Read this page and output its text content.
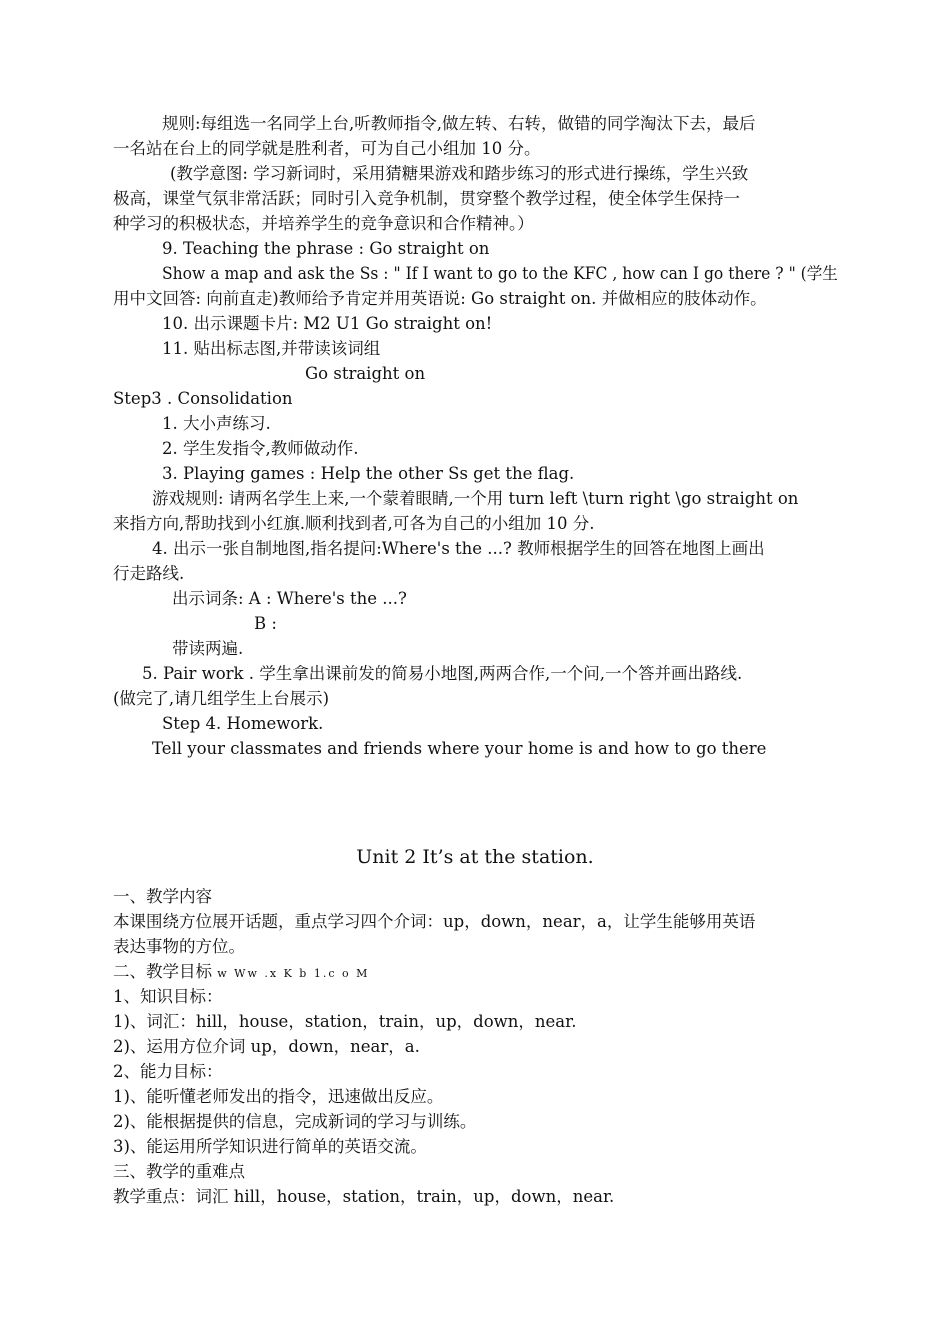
规则:每组选一名同学上台,听教师指令,做左转、右转，做错的同学淘汰下去，最后
一名站在台上的同学就是胜利者，可为自己小组加 10 分。
(教学意图: 学习新词时，采用猜糖果游戏和踏步练习的形式进行操练，学生兴致
极高，课堂气氛非常活跃；同时引入竞争机制，贯穿整个教学过程，使全体学生保持一
种学习的积极状态，并培养学生的竞争意识和合作精神。）
9. Teaching the phrase : Go straight on
Show a map and ask the Ss : " If I want to go to the KFC , how can I go there ? " (学生
用中文回答: 向前直走)教师给予肯定并用英语说: Go straight on. 并做相应的肢体动作。
10. 出示课题卡片: M2 U1 Go straight on!
11. 贴出标志图,并带读该词组
Go straight on
Step3 . Consolidation
1. 大小声练习.
2. 学生发指令,教师做动作.
3. Playing games : Help the other Ss get the flag.
游戏规则: 请两名学生上来,一个蒙着眼睛,一个用 turn left \turn right \go straight on
来指方向,帮助找到小红旗.顺利找到者,可各为自己的小组加 10 分.
4. 出示一张自制地图,指名提问:Where's the ...? 教师根据学生的回答在地图上画出
行走路线.
出示词条: A : Where's the ...?
B :
带读两遍.
5. Pair work . 学生拿出课前发的简易小地图,两两合作,一个问,一个答并画出路线.
(做完了,请几组学生上台展示)
Step 4. Homework.
Tell your classmates and friends where your home is and how to go there
Unit 2 It’s at the station.
一、教学内容
本课围绕方位展开话题，重点学习四个介词：up，down，near，a，让学生能够用英语
表达事物的方位。
二、教学目标 w Ww .x K b 1.c o M
1、知识目标：
1)、词汇：hill，house，station，train，up，down，near.
2)、运用方位介词 up，down，near，a.
2、能力目标：
1)、能听懂老师发出的指令，迅速做出反应。
2)、能根据提供的信息，完成新词的学习与训练。
3)、能运用所学知识进行简单的英语交流。
三、教学的重难点
教学重点：词汇 hill，house，station，train，up，down，near.
